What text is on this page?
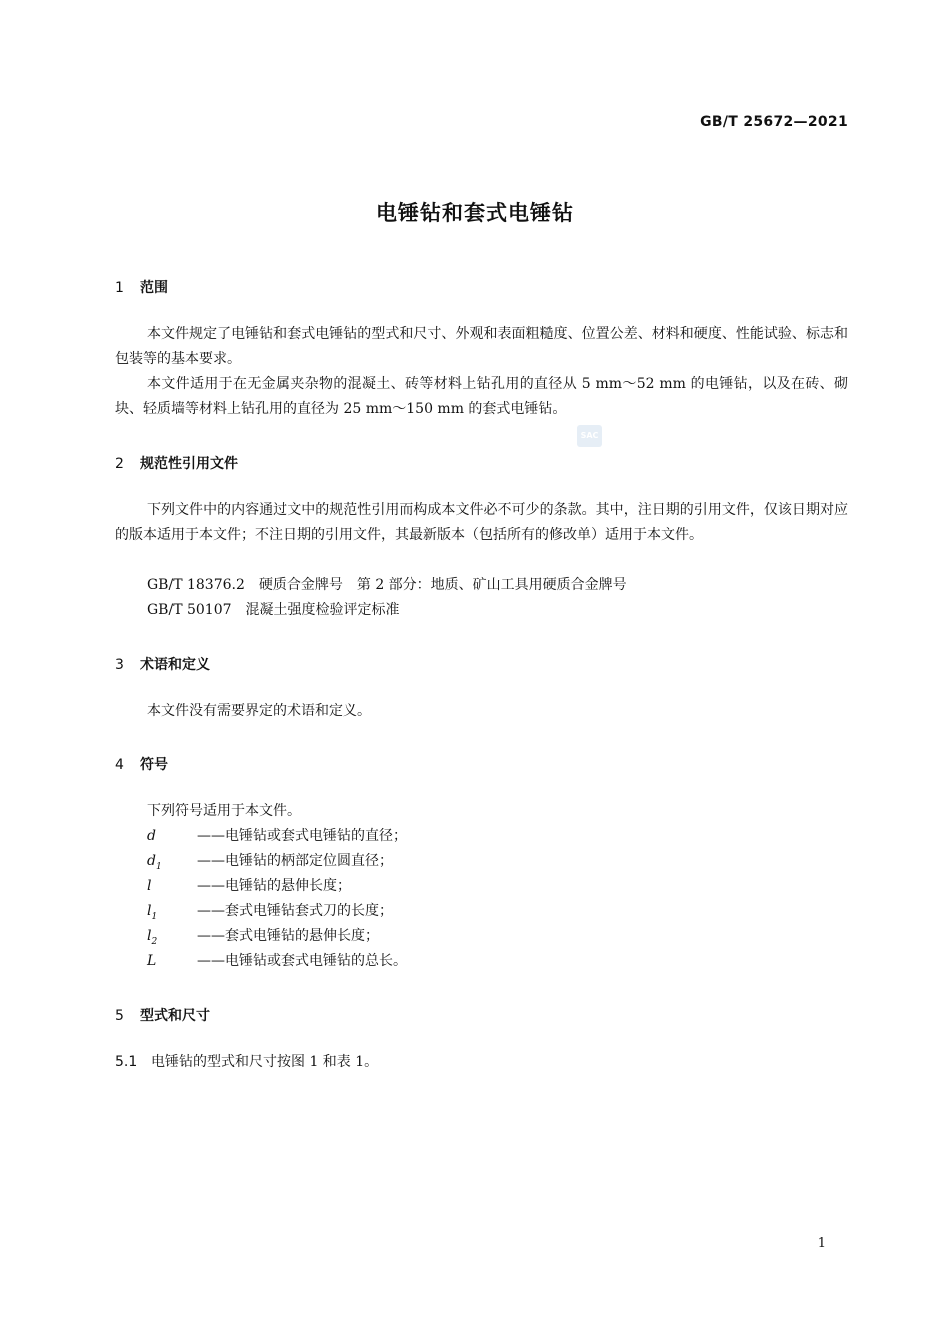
GB/T 25672—2021
电锤钻和套式电锤钻
1 范围
本文件规定了电锤钻和套式电锤钻的型式和尺寸、外观和表面粗糙度、位置公差、材料和硬度、性能试验、标志和包装等的基本要求。
本文件适用于在无金属夹杂物的混凝土、砖等材料上钻孔用的直径从 5 mm～52 mm 的电锤钻，以及在砖、砌块、轻质墙等材料上钻孔用的直径为 25 mm～150 mm 的套式电锤钻。
SAC
2 规范性引用文件
下列文件中的内容通过文中的规范性引用而构成本文件必不可少的条款。其中，注日期的引用文件，仅该日期对应的版本适用于本文件；不注日期的引用文件，其最新版本（包括所有的修改单）适用于本文件。
GB/T 18376.2　硬质合金牌号　第 2 部分：地质、矿山工具用硬质合金牌号
GB/T 50107　混凝土强度检验评定标准
3 术语和定义
本文件没有需要界定的术语和定义。
4 符号
下列符号适用于本文件。
d	——电锤钻或套式电锤钻的直径；
$d_1$	——电锤钻的柄部定位圆直径；
l	——电锤钻的悬伸长度；
$l_1$	——套式电锤钻套式刀的长度；
$l_2$	——套式电锤钻的悬伸长度；
L	——电锤钻或套式电锤钻的总长。
5 型式和尺寸
5.1 电锤钻的型式和尺寸按图 1 和表 1。
1
